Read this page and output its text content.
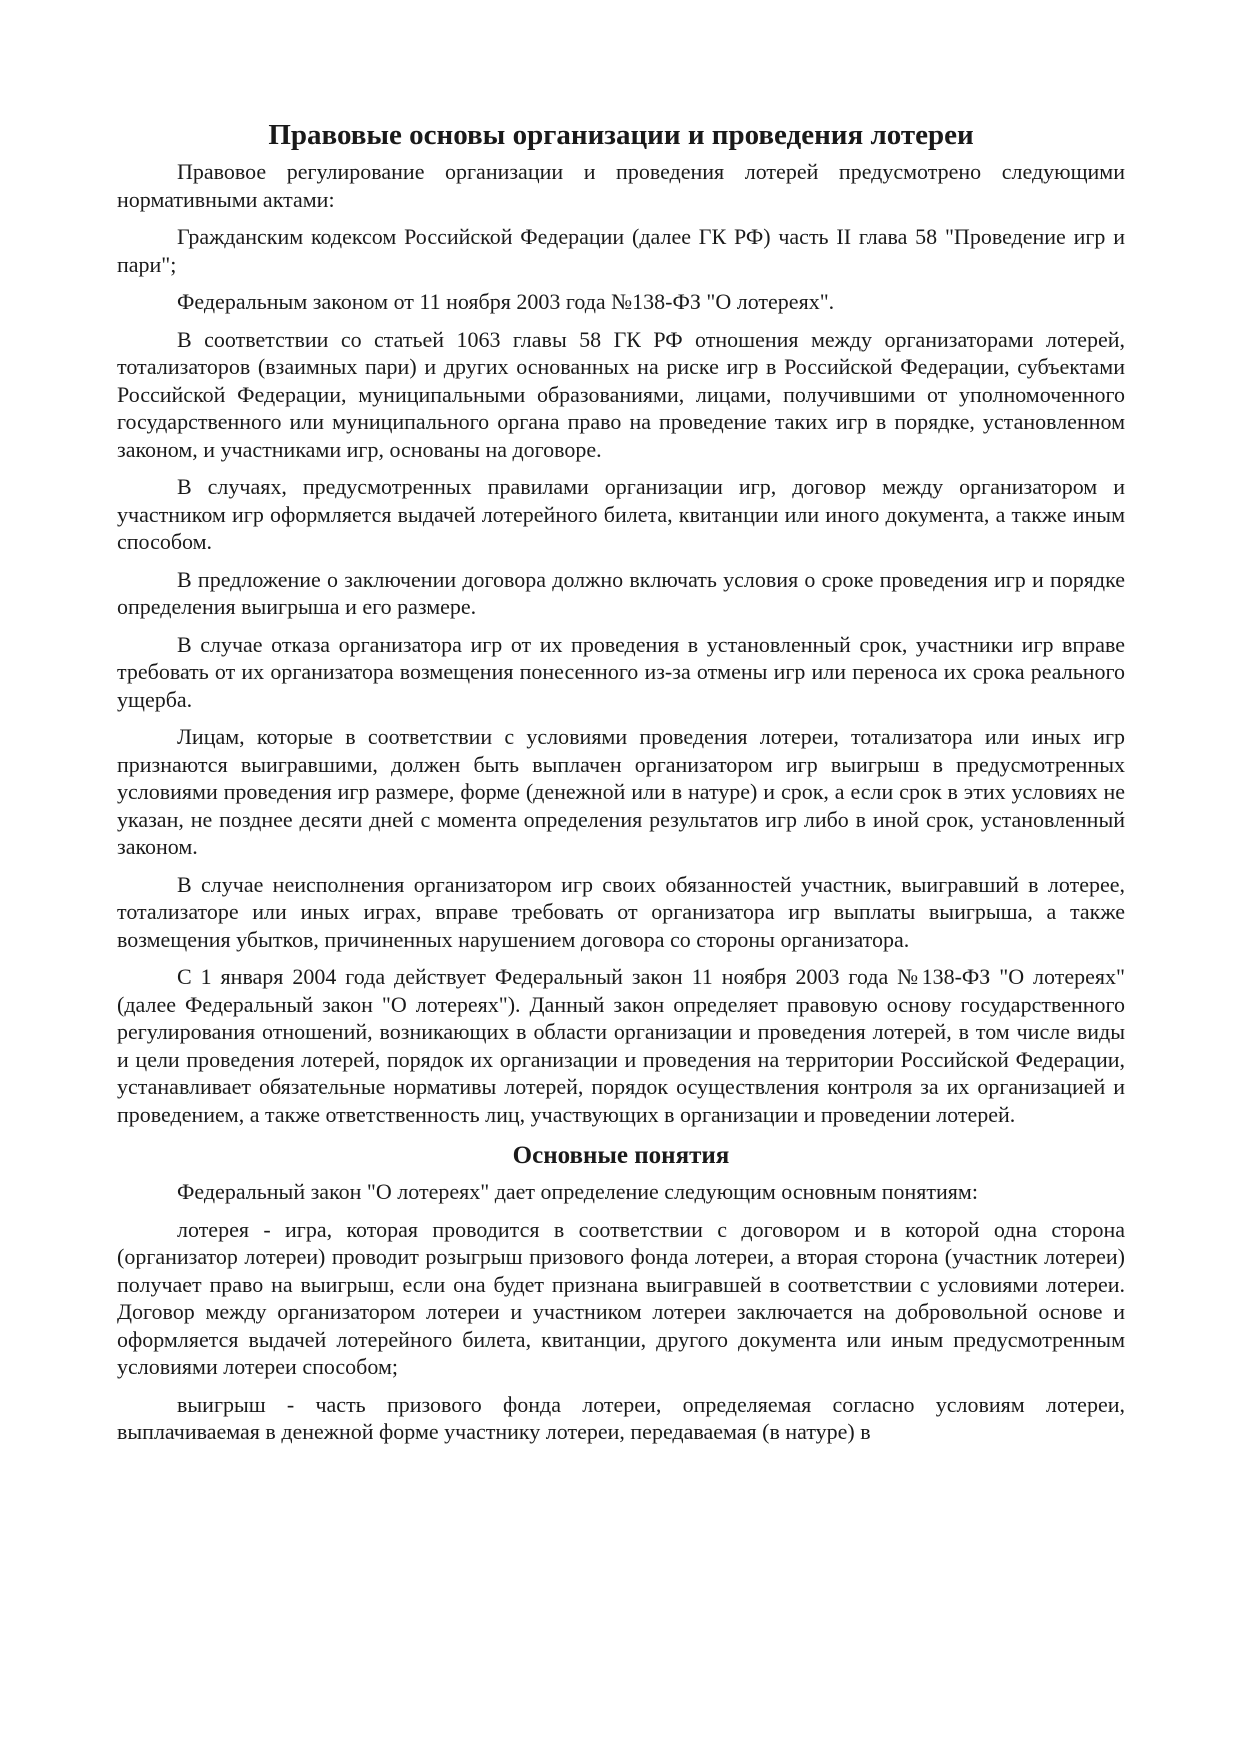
Правовые основы организации и проведения лотереи

Правовое регулирование организации и проведения лотерей предусмотрено следующими нормативными актами:

Гражданским кодексом Российской Федерации (далее ГК РФ) часть II глава 58 "Проведение игр и пари";

Федеральным законом от 11 ноября 2003 года №138-ФЗ "О лотереях".

В соответствии со статьей 1063 главы 58 ГК РФ отношения между организаторами лотерей, тотализаторов (взаимных пари) и других основанных на риске игр в Российской Федерации, субъектами Российской Федерации, муниципальными образованиями, лицами, получившими от уполномоченного государственного или муниципального органа право на проведение таких игр в порядке, установленном законом, и участниками игр, основаны на договоре.

В случаях, предусмотренных правилами организации игр, договор между организатором и участником игр оформляется выдачей лотерейного билета, квитанции или иного документа, а также иным способом.

В предложение о заключении договора должно включать условия о сроке проведения игр и порядке определения выигрыша и его размере.

В случае отказа организатора игр от их проведения в установленный срок, участники игр вправе требовать от их организатора возмещения понесенного из-за отмены игр или переноса их срока реального ущерба.

Лицам, которые в соответствии с условиями проведения лотереи, тотализатора или иных игр признаются выигравшими, должен быть выплачен организатором игр выигрыш в предусмотренных условиями проведения игр размере, форме (денежной или в натуре) и срок, а если срок в этих условиях не указан, не позднее десяти дней с момента определения результатов игр либо в иной срок, установленный законом.

В случае неисполнения организатором игр своих обязанностей участник, выигравший в лотерее, тотализаторе или иных играх, вправе требовать от организатора игр выплаты выигрыша, а также возмещения убытков, причиненных нарушением договора со стороны организатора.

С 1 января 2004 года действует Федеральный закон 11 ноября 2003 года №138-ФЗ "О лотереях" (далее Федеральный закон "О лотереях"). Данный закон определяет правовую основу государственного регулирования отношений, возникающих в области организации и проведения лотерей, в том числе виды и цели проведения лотерей, порядок их организации и проведения на территории Российской Федерации, устанавливает обязательные нормативы лотерей, порядок осуществления контроля за их организацией и проведением, а также ответственность лиц, участвующих в организации и проведении лотерей.

Основные понятия

Федеральный закон "О лотереях" дает определение следующим основным понятиям:

лотерея - игра, которая проводится в соответствии с договором и в которой одна сторона (организатор лотереи) проводит розыгрыш призового фонда лотереи, а вторая сторона (участник лотереи) получает право на выигрыш, если она будет признана выигравшей в соответствии с условиями лотереи. Договор между организатором лотереи и участником лотереи заключается на добровольной основе и оформляется выдачей лотерейного билета, квитанции, другого документа или иным предусмотренным условиями лотереи способом;

выигрыш - часть призового фонда лотереи, определяемая согласно условиям лотереи, выплачиваемая в денежной форме участнику лотереи, передаваемая (в натуре) в
